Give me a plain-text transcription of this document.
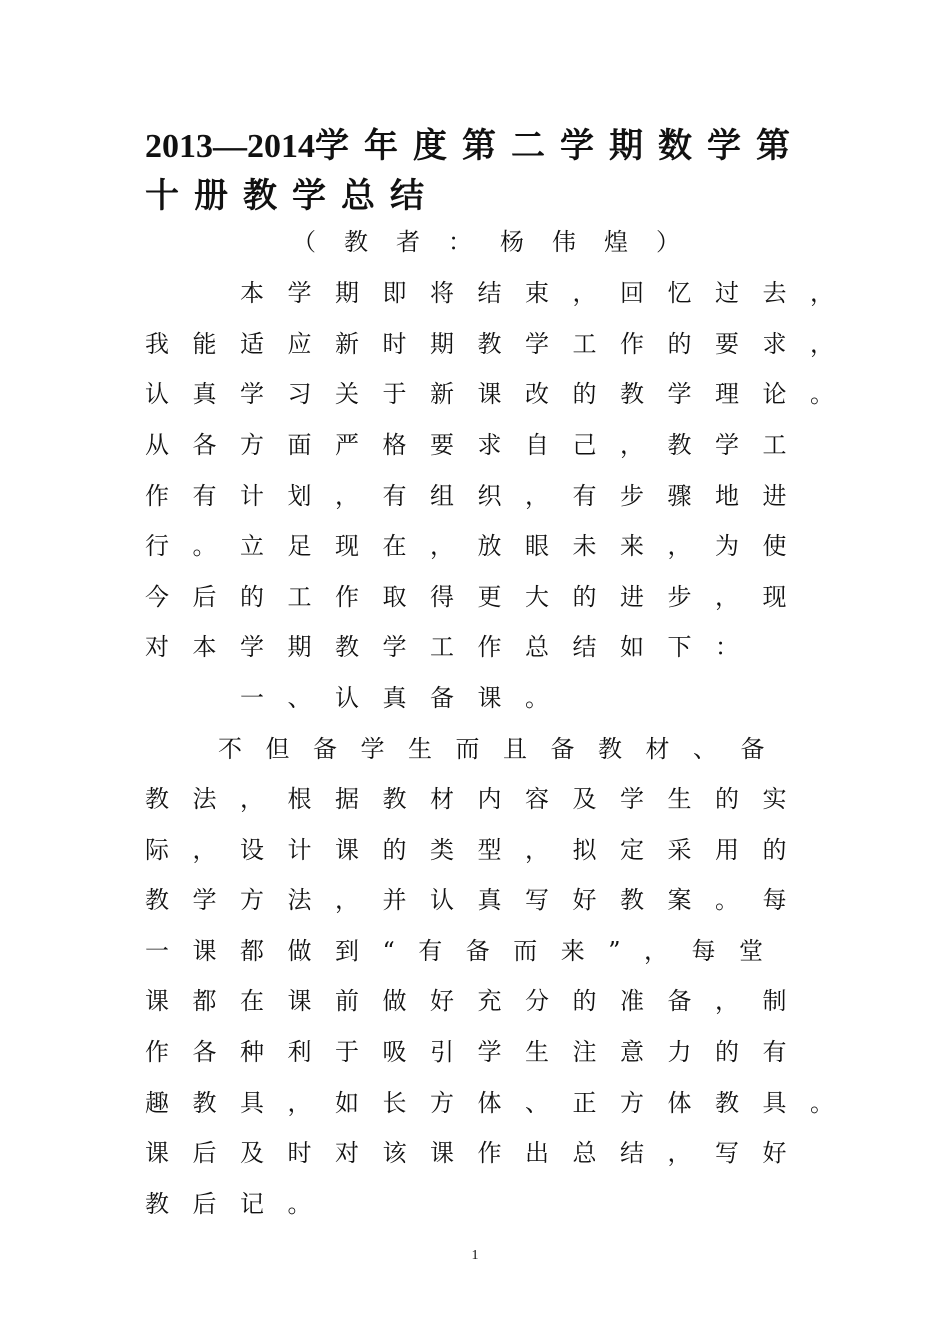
2013—2014学年度第二学期数学第
十册教学总结

（教者：杨伟煌）

本学期即将结束，回忆过去，

我能适应新时期教学工作的要求，

认真学习关于新课改的教学理论。

从各方面严格要求自己，教学工

作有计划，有组织，有步骤地进

行。立足现在，放眼未来，为使

今后的工作取得更大的进步，现

对本学期教学工作总结如下：

一、认真备课。

不但备学生而且备教材、备

教法，根据教材内容及学生的实

际，设计课的类型，拟定采用的

教学方法，并认真写好教案。每

一课都做到“有备而来”，每堂

课都在课前做好充分的准备，制

作各种利于吸引学生注意力的有

趣教具，如长方体、正方体教具。

课后及时对该课作出总结，写好

教后记。

1
